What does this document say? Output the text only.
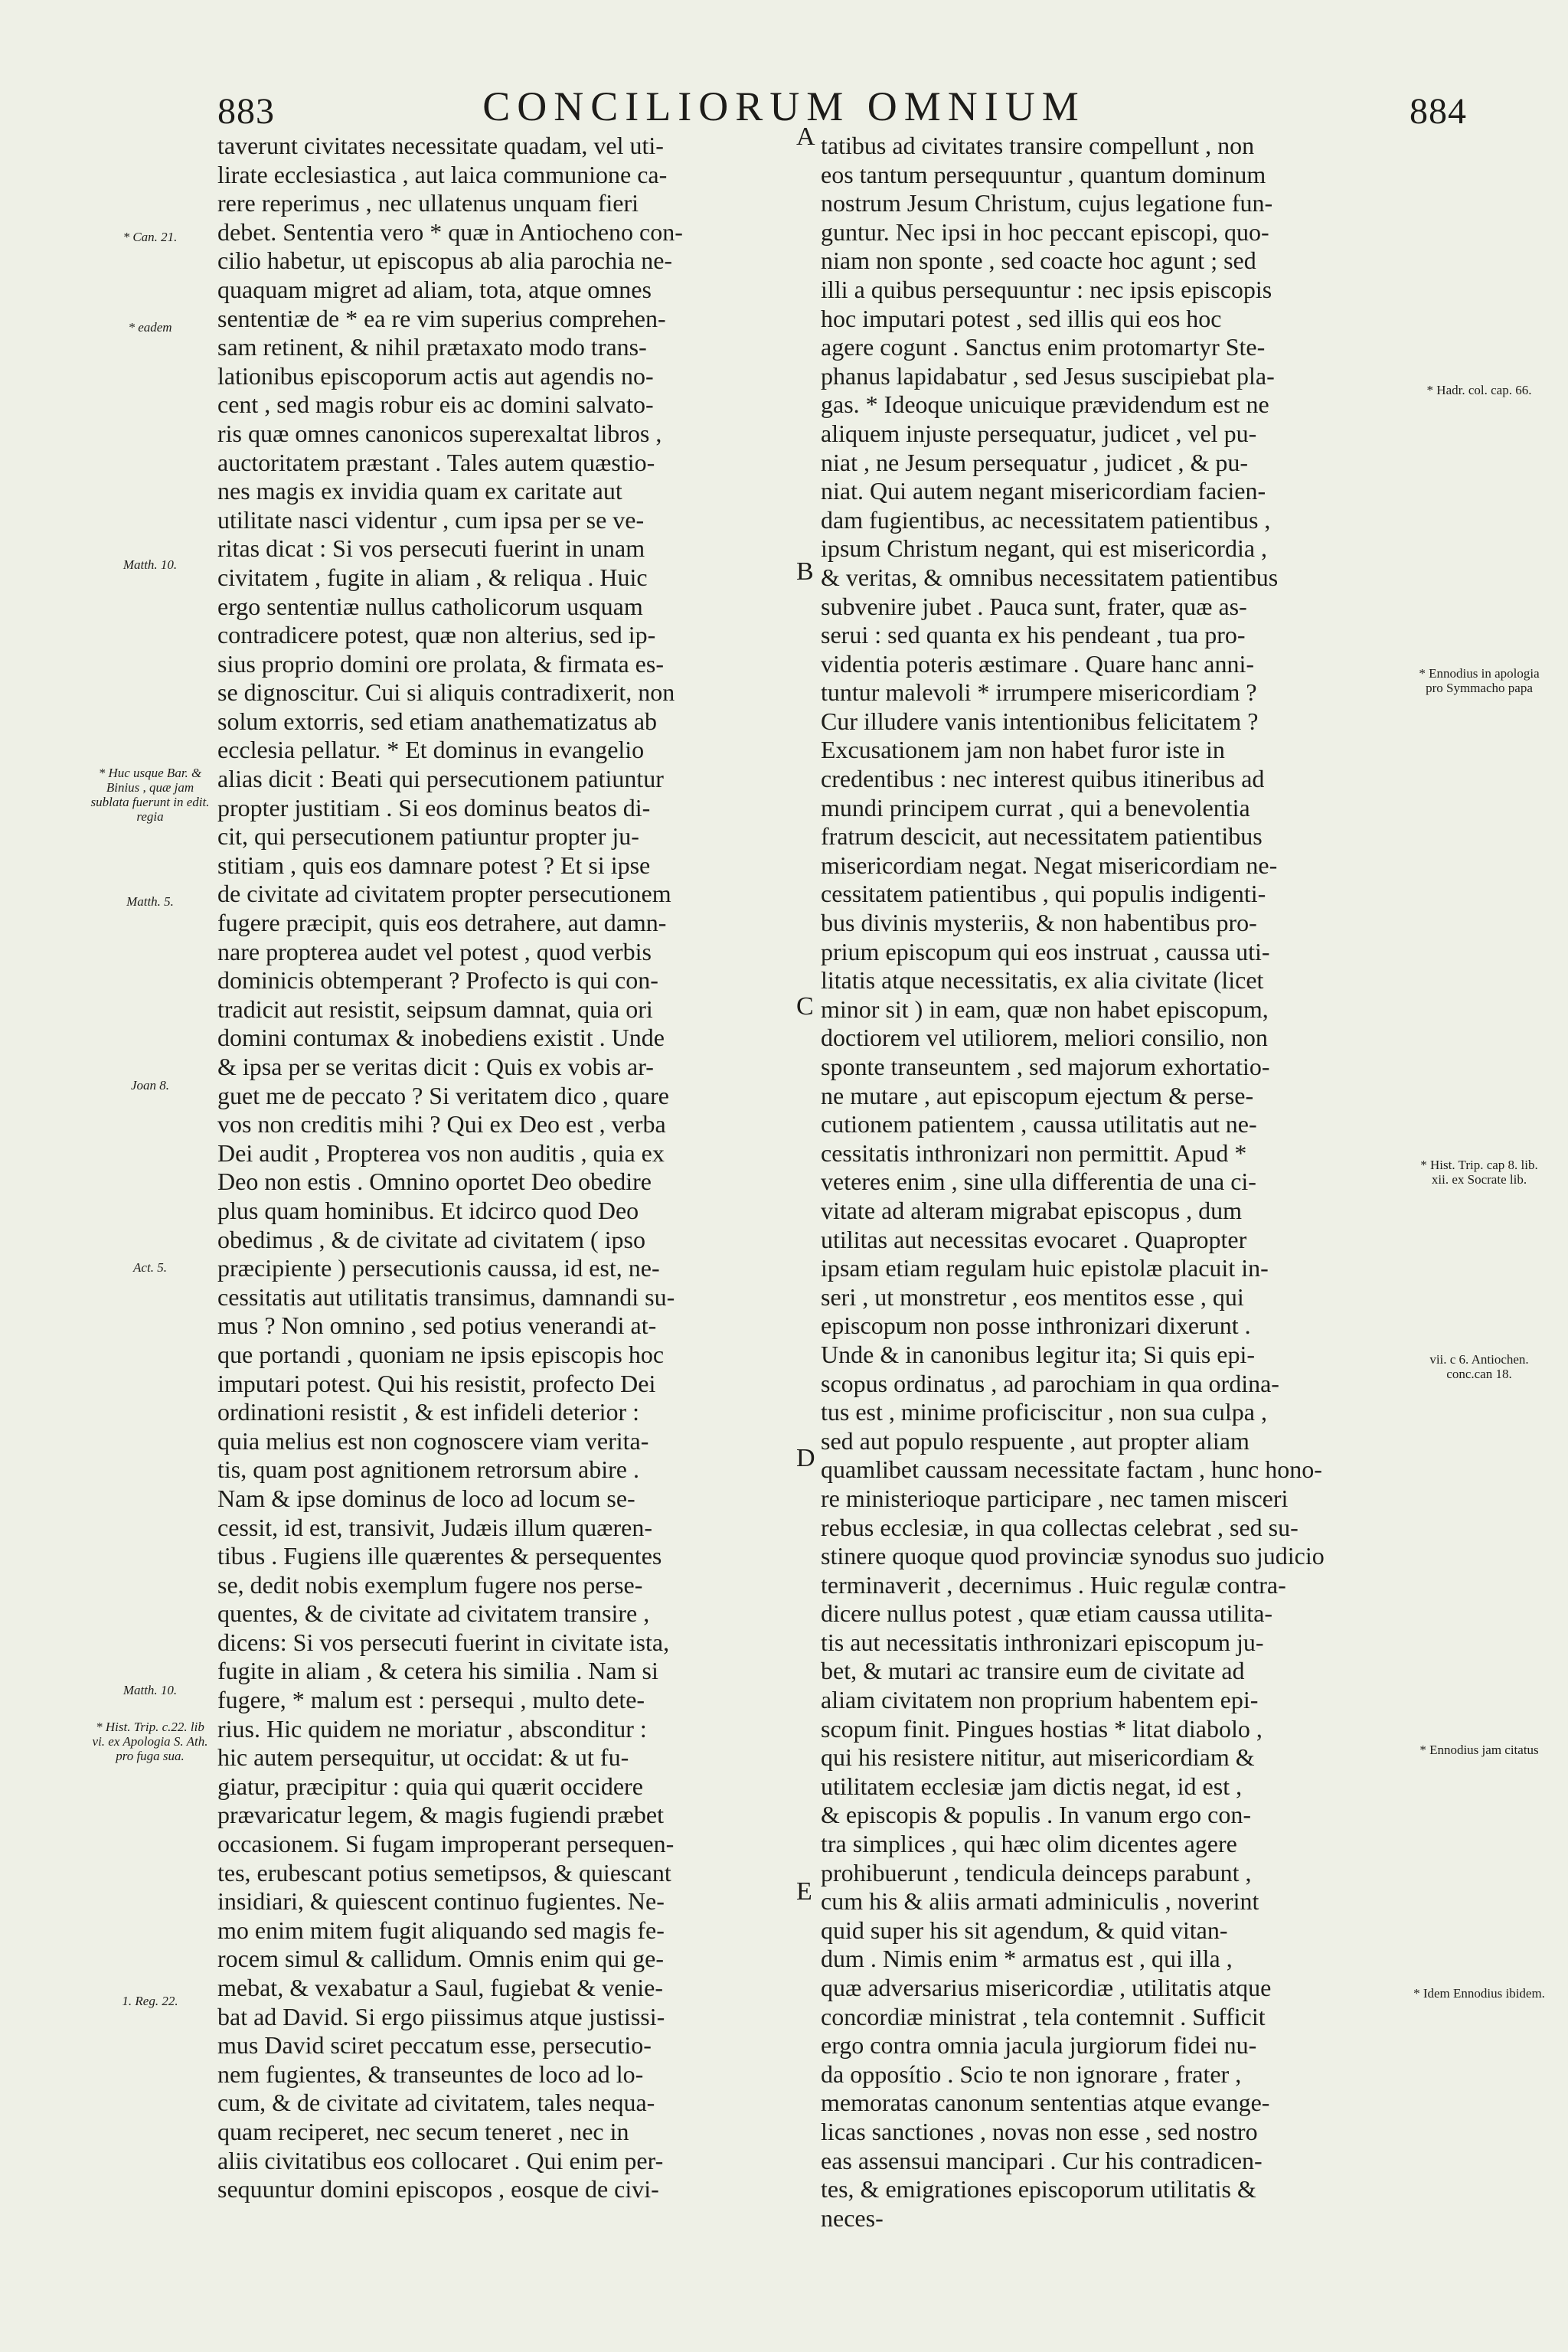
883	CONCILIORUM OMNIUM	884
taverunt civitates necessitate quadam, vel uti-
lirate ecclesiastica , aut laica communione ca-
rere reperimus , nec ullatenus unquam fieri
debet. Sententia vero * quæ in Antiocheno con-
cilio habetur, ut episcopus ab alia parochia ne-
quaquam migret ad aliam, tota, atque omnes
sententiæ de * ea re vim superius comprehen-
sam retinent, & nihil prætaxato modo trans-
lationibus episcoporum actis aut agendis no-
cent , sed magis robur eis ac domini salvato-
ris quæ omnes canonicos superexaltat libros ,
auctoritatem præstant . Tales autem quæstio-
nes magis ex invidia quam ex caritate aut
utilitate nasci videntur , cum ipsa per se ve-
ritas dicat : Si vos persecuti fuerint in unam
civitatem , fugite in aliam , & reliqua . Huic
ergo sententiæ nullus catholicorum usquam
contradicere potest, quæ non alterius, sed ip-
sius proprio domini ore prolata, & firmata es-
se dignoscitur. Cui si aliquis contradixerit, non
solum extorris, sed etiam anathematizatus ab
ecclesia pellatur. * Et dominus in evangelio
alias dicit : Beati qui persecutionem patiuntur
propter justitiam . Si eos dominus beatos di-
cit, qui persecutionem patiuntur propter ju-
stitiam , quis eos damnare potest ? Et si ipse
de civitate ad civitatem propter persecutionem
fugere præcipit, quis eos detrahere, aut damn-
nare propterea audet vel potest , quod verbis
dominicis obtemperant ? Profecto is qui con-
tradicit aut resistit, seipsum damnat, quia ori
domini contumax & inobediens existit . Unde
& ipsa per se veritas dicit : Quis ex vobis ar-
guet me de peccato ? Si veritatem dico , quare
vos non creditis mihi ? Qui ex Deo est , verba
Dei audit , Propterea vos non auditis , quia ex
Deo non estis . Omnino oportet Deo obedire
plus quam hominibus. Et idcirco quod Deo
obedimus , & de civitate ad civitatem ( ipso
præcipiente ) persecutionis caussa, id est, ne-
cessitatis aut utilitatis transimus, damnandi su-
mus ? Non omnino , sed potius venerandi at-
que portandi , quoniam ne ipsis episcopis hoc
imputari potest. Qui his resistit, profecto Dei
ordinationi resistit , & est infideli deterior :
quia melius est non cognoscere viam verita-
tis, quam post agnitionem retrorsum abire .
Nam & ipse dominus de loco ad locum se-
cessit, id est, transivit, Judæis illum quæren-
tibus . Fugiens ille quærentes & persequentes
se, dedit nobis exemplum fugere nos perse-
quentes, & de civitate ad civitatem transire ,
dicens: Si vos persecuti fuerint in civitate ista,
fugite in aliam , & cetera his similia . Nam si
fugere, * malum est : persequi , multo dete-
rius. Hic quidem ne moriatur , absconditur :
hic autem persequitur, ut occidat: & ut fu-
giatur, præcipitur : quia qui quærit occidere
prævaricatur legem, & magis fugiendi præbet
occasionem. Si fugam improperant persequen-
tes, erubescant potius semetipsos, & quiescant
insidiari, & quiescent continuo fugientes. Ne-
mo enim mitem fugit aliquando sed magis fe-
rocem simul & callidum. Omnis enim qui ge-
mebat, & vexabatur a Saul, fugiebat & venie-
bat ad David. Si ergo piissimus atque justissi-
mus David sciret peccatum esse, persecutio-
nem fugientes, & transeuntes de loco ad lo-
cum, & de civitate ad civitatem, tales nequa-
quam reciperet, nec secum teneret , nec in
aliis civitatibus eos collocaret . Qui enim per-
sequuntur domini episcopos , eosque de civi-
tatibus ad civitates transire compellunt , non
eos tantum persequuntur , quantum dominum
nostrum Jesum Christum, cujus legatione fun-
guntur. Nec ipsi in hoc peccant episcopi, quo-
niam non sponte , sed coacte hoc agunt ; sed
illi a quibus persequuntur : nec ipsis episcopis
hoc imputari potest , sed illis qui eos hoc
agere cogunt . Sanctus enim protomartyr Ste-
phanus lapidabatur , sed Jesus suscipiebat pla-
gas. * Ideoque unicuique prævidendum est ne
aliquem injuste persequatur, judicet , vel pu-
niat , ne Jesum persequatur , judicet , & pu-
niat. Qui autem negant misericordiam facien-
dam fugientibus, ac necessitatem patientibus ,
ipsum Christum negant, qui est misericordia ,
& veritas, & omnibus necessitatem patientibus
subvenire jubet . Pauca sunt, frater, quæ as-
serui : sed quanta ex his pendeant , tua pro-
videntia poteris æstimare . Quare hanc anni-
tuntur malevoli * irrumpere misericordiam ?
Cur illudere vanis intentionibus felicitatem ?
Excusationem jam non habet furor iste in
credentibus : nec interest quibus itineribus ad
mundi principem currat , qui a benevolentia
fratrum descicit, aut necessitatem patientibus
misericordiam negat. Negat misericordiam ne-
cessitatem patientibus , qui populis indigenti-
bus divinis mysteriis, & non habentibus pro-
prium episcopum qui eos instruat , caussa uti-
litatis atque necessitatis, ex alia civitate (licet
minor sit ) in eam, quæ non habet episcopum,
doctiorem vel utiliorem, meliori consilio, non
sponte transeuntem , sed majorum exhortatio-
ne mutare , aut episcopum ejectum & perse-
cutionem patientem , caussa utilitatis aut ne-
cessitatis inthronizari non permittit. Apud *
veteres enim , sine ulla differentia de una ci-
vitate ad alteram migrabat episcopus , dum
utilitas aut necessitas evocaret . Quapropter
ipsam etiam regulam huic epistolæ placuit in-
seri , ut monstretur , eos mentitos esse , qui
episcopum non posse inthronizari dixerunt .
Unde & in canonibus legitur ita; Si quis epi-
scopus ordinatus , ad parochiam in qua ordina-
tus est , minime proficiscitur , non sua culpa ,
sed aut populo respuente , aut propter aliam
quamlibet caussam necessitate factam , hunc hono-
re ministerioque participare , nec tamen misceri
rebus ecclesiæ, in qua collectas celebrat , sed su-
stinere quoque quod provinciæ synodus suo judicio
terminaverit , decernimus . Huic regulæ contra-
dicere nullus potest , quæ etiam caussa utilita-
tis aut necessitatis inthronizari episcopum ju-
bet, & mutari ac transire eum de civitate ad
aliam civitatem non proprium habentem epi-
scopum finit. Pingues hostias * litat diabolo ,
qui his resistere nititur, aut misericordiam &
utilitatem ecclesiæ jam dictis negat, id est ,
& episcopis & populis . In vanum ergo con-
tra simplices , qui hæc olim dicentes agere
prohibuerunt , tendicula deinceps parabunt ,
cum his & aliis armati adminiculis , noverint
quid super his sit agendum, & quid vitan-
dum . Nimis enim * armatus est , qui illa ,
quæ adversarius misericordiæ , utilitatis atque
concordiæ ministrat , tela contemnit . Sufficit
ergo contra omnia jacula jurgiorum fidei nu-
da opposítio . Scio te non ignorare , frater ,
memoratas canonum sententias atque evange-
licas sanctiones , novas non esse , sed nostro
eas assensui mancipari . Cur his contradicen-
tes, & emigrationes episcoporum utilitatis &
neces-
A
B
C
D
E
* Can. 21.
* eadem
Matth. 10.
* Huc usque Bar. & Binius , quæ jam sublata fuerunt in edit. regia
Matth. 5.
Joan 8.
Act. 5.
Matth. 10.
* Hist. Trip. c.22. lib vi. ex Apologia S. Ath. pro fuga sua.
1. Reg. 22.
* Hadr. col. cap. 66.
* Ennodius in apologia pro Symmacho papa
* Hist. Trip. cap 8. lib. xii. ex Socrate lib.
vii. c 6. Antiochen. conc.can 18.
* Ennodius jam citatus
* Idem Ennodius ibidem.
